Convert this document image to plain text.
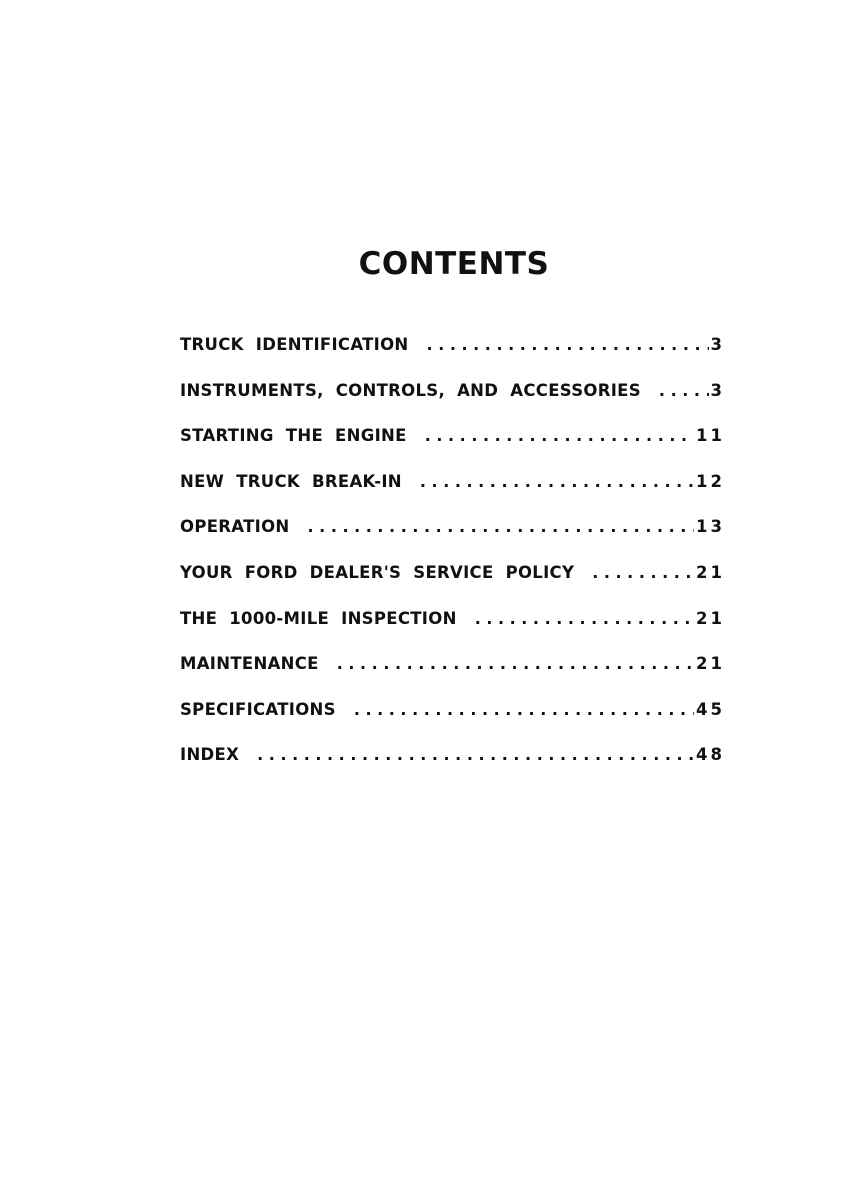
CONTENTS
TRUCK IDENTIFICATION . . .	3
INSTRUMENTS, CONTROLS, AND ACCESSORIES . . .	3
STARTING THE ENGINE . . .	11
NEW TRUCK BREAK-IN . . .	12
OPERATION . . .	13
YOUR FORD DEALER'S SERVICE POLICY . . .	21
THE 1000-MILE INSPECTION . . .	21
MAINTENANCE . . .	21
SPECIFICATIONS . . .	45
INDEX . . .	48
